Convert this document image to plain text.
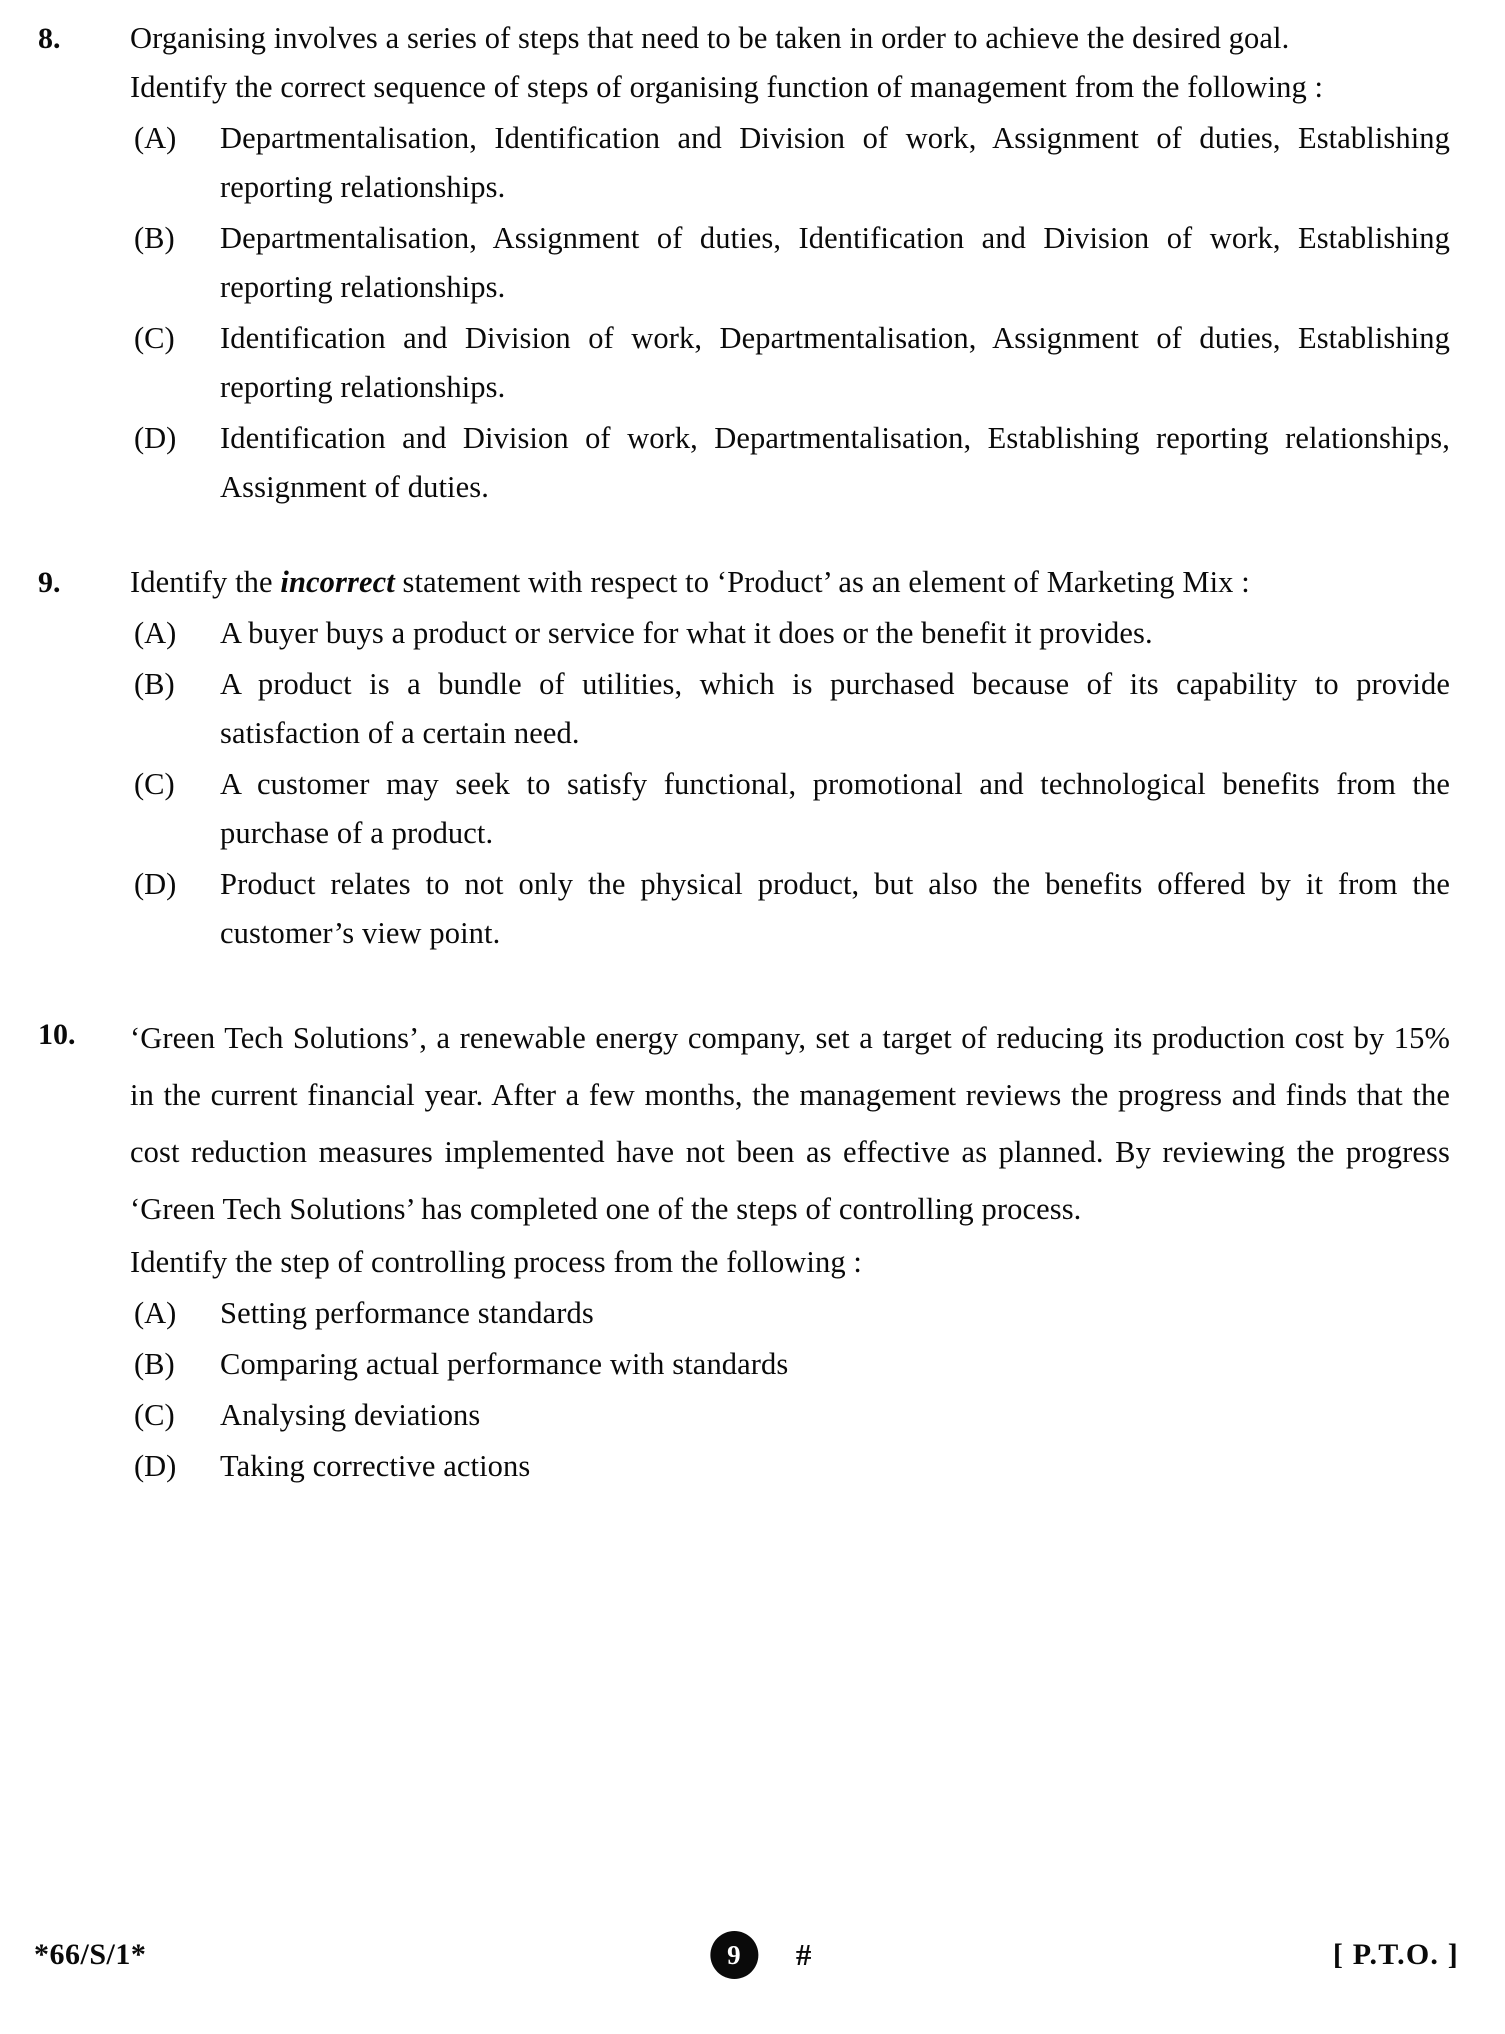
8.	Organising involves a series of steps that need to be taken in order to achieve the desired goal.

Identify the correct sequence of steps of organising function of management from the following :

(A)	Departmentalisation, Identification and Division of work, Assignment of duties, Establishing reporting relationships.
(B)	Departmentalisation, Assignment of duties, Identification and Division of work, Establishing reporting relationships.
(C)	Identification and Division of work, Departmentalisation, Assignment of duties, Establishing reporting relationships.
(D)	Identification and Division of work, Departmentalisation, Establishing reporting relationships, Assignment of duties.
9.	Identify the incorrect statement with respect to ‘Product’ as an element of Marketing Mix :

(A)	A buyer buys a product or service for what it does or the benefit it provides.
(B)	A product is a bundle of utilities, which is purchased because of its capability to provide satisfaction of a certain need.
(C)	A customer may seek to satisfy functional, promotional and technological benefits from the purchase of a product.
(D)	Product relates to not only the physical product, but also the benefits offered by it from the customer’s view point.
10.	‘Green Tech Solutions’, a renewable energy company, set a target of reducing its production cost by 15% in the current financial year. After a few months, the management reviews the progress and finds that the cost reduction measures implemented have not been as effective as planned. By reviewing the progress ‘Green Tech Solutions’ has completed one of the steps of controlling process.

Identify the step of controlling process from the following :

(A)	Setting performance standards
(B)	Comparing actual performance with standards
(C)	Analysing deviations
(D)	Taking corrective actions
*66/S/1*	9	#	[ P.T.O. ]
